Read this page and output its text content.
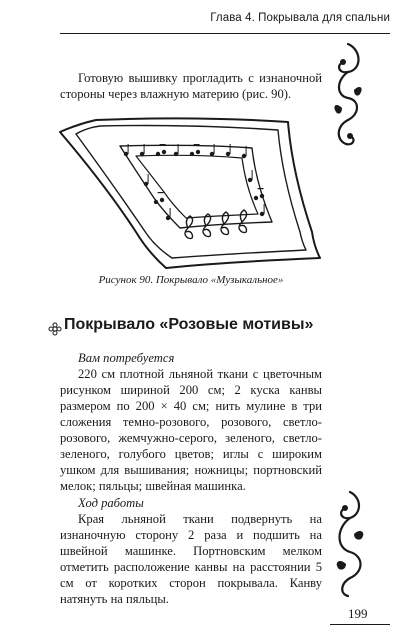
Глава 4. Покрывала для спальни
Готовую вышивку прогладить с изнаночной стороны через влажную материю (рис. 90).
Рисунок 90. Покрывало «Музыкальное»
Покрывало «Розовые мотивы»
Вам потребуется
220 см плотной льняной ткани с цветочным рисунком шириной 200 см; 2 куска канвы размером по 200 × 40 см; нить мулине в три сложения темно-розового, розового, светло-розового, жемчужно-серого, зеленого, светло-зеленого, голубого цветов; иглы с широким ушком для вышивания; ножницы; портновский мелок; пяльцы; швейная машинка.
Ход работы
Края льняной ткани подвернуть на изнаночную сторону 2 раза и подшить на швейной машинке. Портновским мелком отметить расположение канвы на расстоянии 5 см от коротких сторон покрывала. Канву натянуть на пяльцы.
199
